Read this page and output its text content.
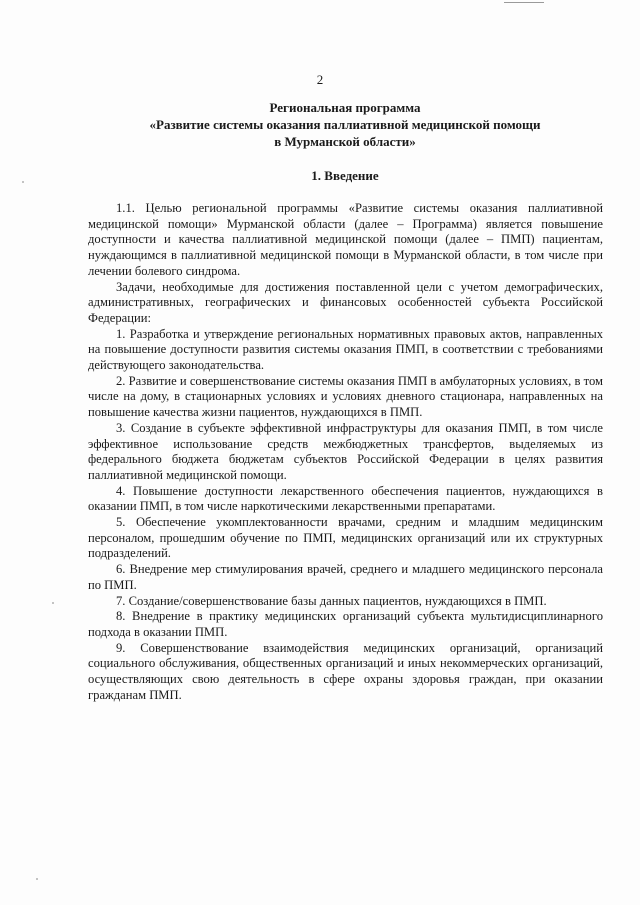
2
Региональная программа
«Развитие системы оказания паллиативной медицинской помощи
в Мурманской области»
1. Введение

1.1. Целью региональной программы «Развитие системы оказания паллиативной медицинской помощи» Мурманской области (далее – Программа) является повышение доступности и качества паллиативной медицинской помощи (далее – ПМП) пациентам, нуждающимся в паллиативной медицинской помощи в Мурманской области, в том числе при лечении болевого синдрома.

Задачи, необходимые для достижения поставленной цели с учетом демографических, административных, географических и финансовых особенностей субъекта Российской Федерации:

1. Разработка и утверждение региональных нормативных правовых актов, направленных на повышение доступности развития системы оказания ПМП, в соответствии с требованиями действующего законодательства.

2. Развитие и совершенствование системы оказания ПМП в амбулаторных условиях, в том числе на дому, в стационарных условиях и условиях дневного стационара, направленных на повышение качества жизни пациентов, нуждающихся в ПМП.

3. Создание в субъекте эффективной инфраструктуры для оказания ПМП, в том числе эффективное использование средств межбюджетных трансфертов, выделяемых из федерального бюджета бюджетам субъектов Российской Федерации в целях развития паллиативной медицинской помощи.

4. Повышение доступности лекарственного обеспечения пациентов, нуждающихся в оказании ПМП, в том числе наркотическими лекарственными препаратами.

5. Обеспечение укомплектованности врачами, средним и младшим медицинским персоналом, прошедшим обучение по ПМП, медицинских организаций или их структурных подразделений.

6. Внедрение мер стимулирования врачей, среднего и младшего медицинского персонала по ПМП.

7. Создание/совершенствование базы данных пациентов, нуждающихся в ПМП.

8. Внедрение в практику медицинских организаций субъекта мультидисциплинарного подхода в оказании ПМП.

9. Совершенствование взаимодействия медицинских организаций, организаций социального обслуживания, общественных организаций и иных некоммерческих организаций, осуществляющих свою деятельность в сфере охраны здоровья граждан, при оказании гражданам ПМП.
